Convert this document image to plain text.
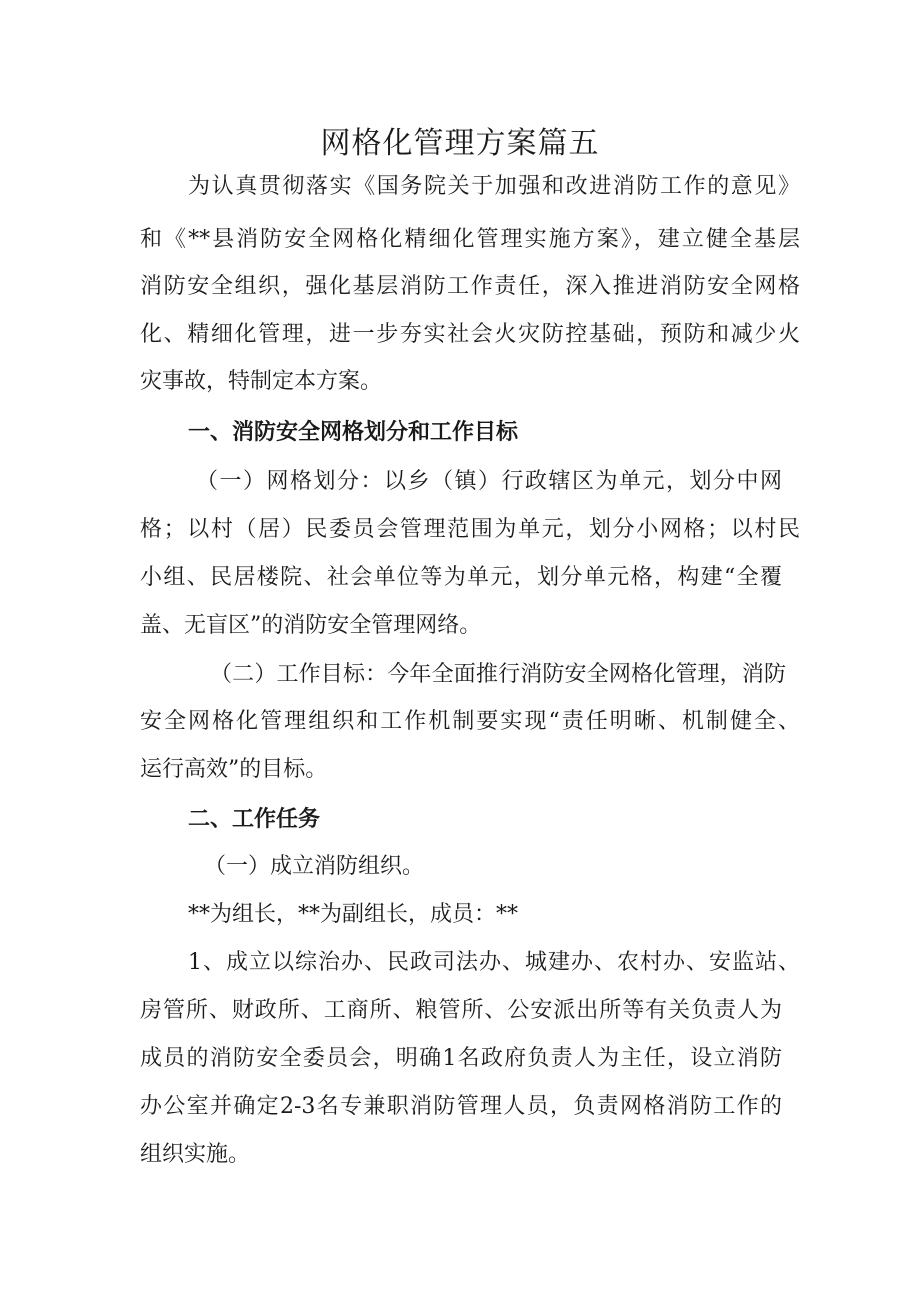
网格化管理方案篇五

为认真贯彻落实《国务院关于加强和改进消防工作的意见》

和《**县消防安全网格化精细化管理实施方案》，建立健全基层

消防安全组织，强化基层消防工作责任，深入推进消防安全网格

化、精细化管理，进一步夯实社会火灾防控基础，预防和减少火

灾事故，特制定本方案。

一、消防安全网格划分和工作目标

（一）网格划分：以乡（镇）行政辖区为单元，划分中网

格；以村（居）民委员会管理范围为单元，划分小网格；以村民

小组、民居楼院、社会单位等为单元，划分单元格，构建“全覆

盖、无盲区”的消防安全管理网络。

（二）工作目标：今年全面推行消防安全网格化管理，消防

安全网格化管理组织和工作机制要实现“责任明晰、机制健全、

运行高效”的目标。

二、工作任务

（一）成立消防组织。

**为组长，**为副组长，成员：**

1、成立以综治办、民政司法办、城建办、农村办、安监站、

房管所、财政所、工商所、粮管所、公安派出所等有关负责人为

成员的消防安全委员会，明确1名政府负责人为主任，设立消防

办公室并确定2-3名专兼职消防管理人员，负责网格消防工作的

组织实施。
